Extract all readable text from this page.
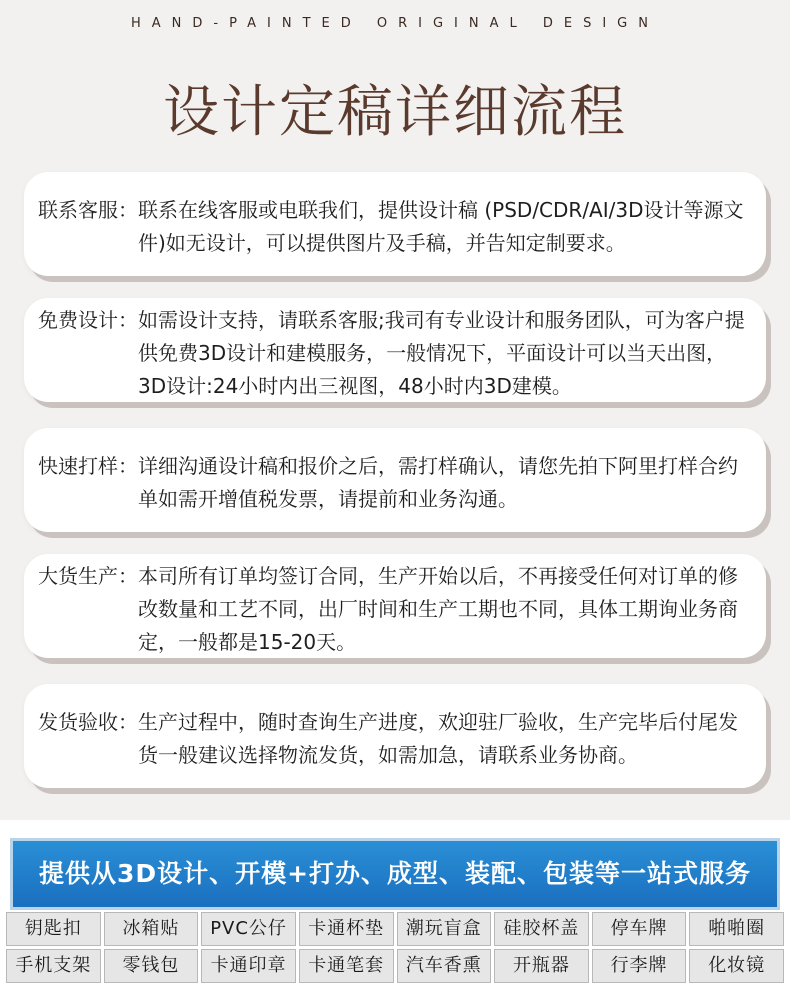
HAND-PAINTED ORIGINAL DESIGN
设计定稿详细流程
联系客服： 联系在线客服或电联我们，提供设计稿 (PSD/CDR/AI/3D设计等源文件)如无设计，可以提供图片及手稿，并告知定制要求。
免费设计： 如需设计支持，请联系客服;我司有专业设计和服务团队，可为客户提供免费3D设计和建模服务，一般情况下，平面设计可以当天出图，3D设计:24小时内出三视图，48小时内3D建模。
快速打样： 详细沟通设计稿和报价之后，需打样确认，请您先拍下阿里打样合约单如需开增值税发票，请提前和业务沟通。
大货生产： 本司所有订单均签订合同，生产开始以后，不再接受任何对订单的修改数量和工艺不同，出厂时间和生产工期也不同，具体工期询业务商定，一般都是15-20天。
发货验收： 生产过程中，随时查询生产进度，欢迎驻厂验收，生产完毕后付尾发货一般建议选择物流发货，如需加急，请联系业务协商。
提供从3D设计、开模+打办、成型、装配、包装等一站式服务
钥匙扣	冰箱贴	PVC公仔	卡通杯垫	潮玩盲盒	硅胶杯盖	停车牌	啪啪圈
手机支架	零钱包	卡通印章	卡通笔套	汽车香熏	开瓶器	行李牌	化妆镜
